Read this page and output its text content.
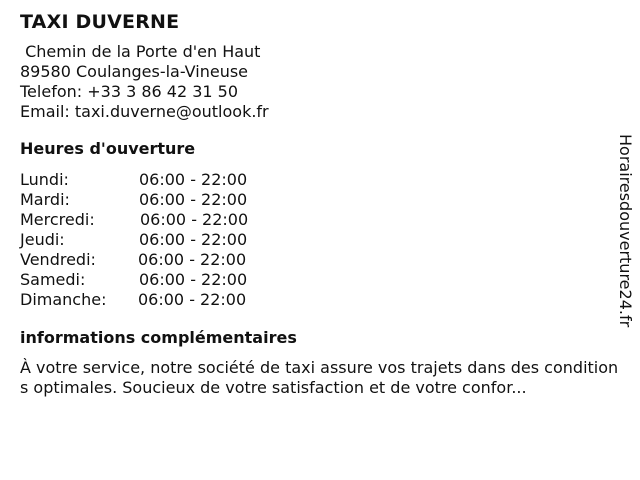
TAXI DUVERNE
Chemin de la Porte d'en Haut
89580 Coulanges-la-Vineuse
Telefon: +33 3 86 42 31 50
Email: taxi.duverne@outlook.fr
Heures d'ouverture
Lundi:	06:00 - 22:00
Mardi:	06:00 - 22:00
Mercredi:	06:00 - 22:00
Jeudi:	06:00 - 22:00
Vendredi:	06:00 - 22:00
Samedi:	06:00 - 22:00
Dimanche:	06:00 - 22:00
informations complémentaires
À votre service, notre société de taxi assure vos trajets dans des conditions optimales. Soucieux de votre satisfaction et de votre confor...
Horairesdouverture24.fr
